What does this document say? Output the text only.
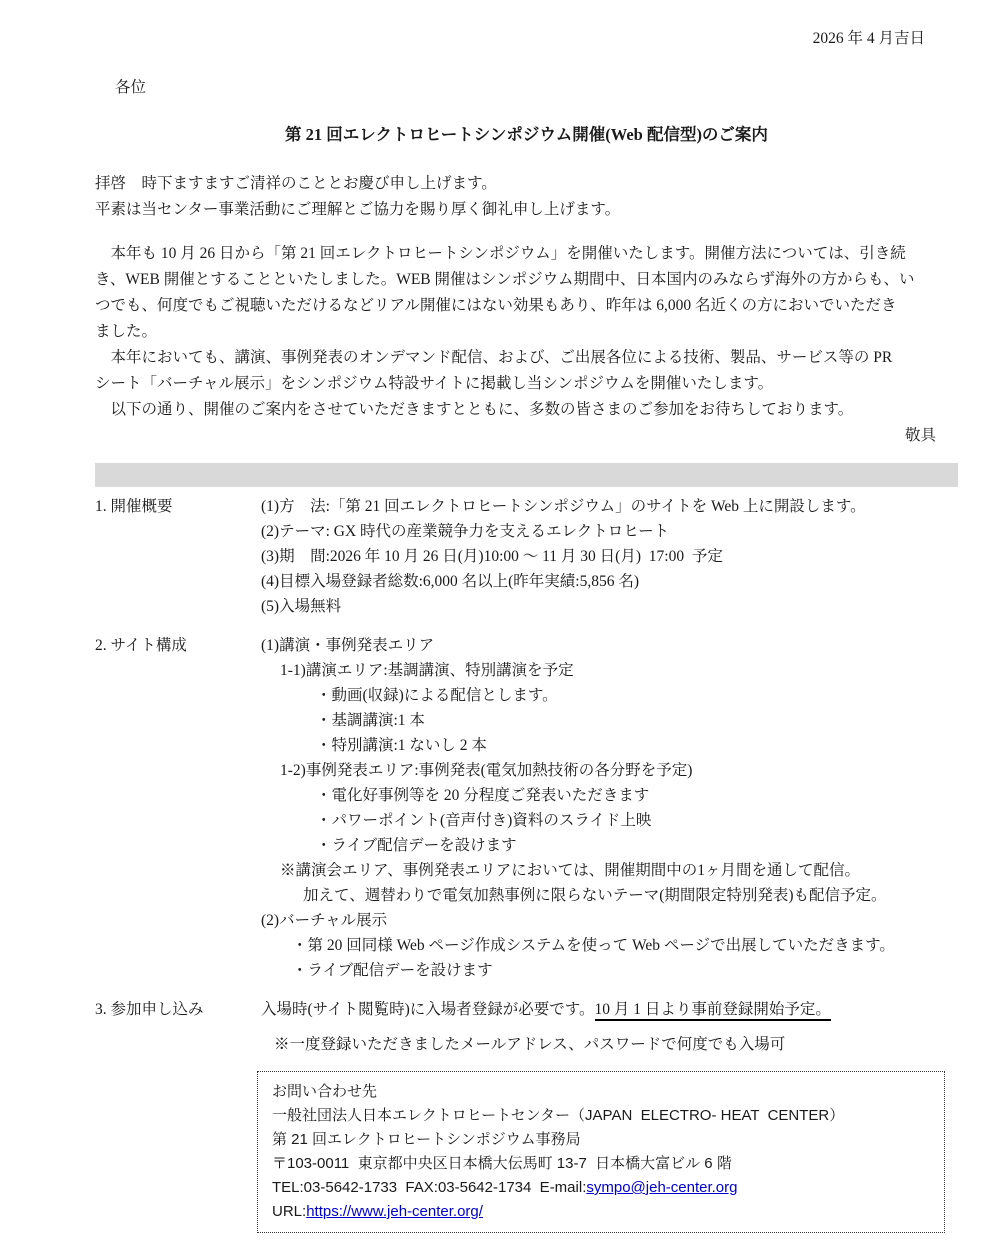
2026 年 4 月吉日
各位
第 21 回エレクトロヒートシンポジウム開催(Web 配信型)のご案内
拝啓　時下ますますご清祥のこととお慶び申し上げます。
平素は当センター事業活動にご理解とご協力を賜り厚く御礼申し上げます。
　本年も 10 月 26 日から「第 21 回エレクトロヒートシンポジウム」を開催いたします。開催方法については、引き続
き、WEB 開催とすることといたしました。WEB 開催はシンポジウム期間中、日本国内のみならず海外の方からも、い
つでも、何度でもご視聴いただけるなどリアル開催にはない効果もあり、昨年は 6,000 名近くの方においでいただき
ました。
　本年においても、講演、事例発表のオンデマンド配信、および、ご出展各位による技術、製品、サービス等の PR
シート「バーチャル展示」をシンポジウム特設サイトに掲載し当シンポジウムを開催いたします。
　以下の通り、開催のご案内をさせていただきますとともに、多数の皆さまのご参加をお待ちしております。
敬具
1. 開催概要	(1)方　法:「第 21 回エレクトロヒートシンポジウム」のサイトを Web 上に開設します。
(2)テーマ: GX 時代の産業競争力を支えるエレクトロヒート
(3)期　間:2026 年 10 月 26 日(月)10:00 ～ 11 月 30 日(月)  17:00  予定
(4)目標入場登録者総数:6,000 名以上(昨年実績:5,856 名)
(5)入場無料
2. サイト構成	(1)講演・事例発表エリア
1-1)講演エリア:基調講演、特別講演を予定
・動画(収録)による配信とします。
・基調講演:1 本
・特別講演:1 ないし 2 本
1-2)事例発表エリア:事例発表(電気加熱技術の各分野を予定)
・電化好事例等を 20 分程度ご発表いただきます
・パワーポイント(音声付き)資料のスライド上映
・ライブ配信デーを設けます
※講演会エリア、事例発表エリアにおいては、開催期間中の1ヶ月間を通して配信。
加えて、週替わりで電気加熱事例に限らないテーマ(期間限定特別発表)も配信予定。
(2)バーチャル展示
・第 20 回同様 Web ページ作成システムを使って Web ページで出展していただきます。
・ライブ配信デーを設けます
3. 参加申し込み	入場時(サイト閲覧時)に入場者登録が必要です。10 月 1 日より事前登録開始予定。
※一度登録いただきましたメールアドレス、パスワードで何度でも入場可
お問い合わせ先
一般社団法人日本エレクトロヒートセンター（JAPAN  ELECTRO- HEAT  CENTER）
第 21 回エレクトロヒートシンポジウム事務局
〒103-0011  東京都中央区日本橋大伝馬町 13-7  日本橋大富ビル 6 階
TEL:03-5642-1733  FAX:03-5642-1734  E-mail:sympo@jeh-center.org
URL:https://www.jeh-center.org/
